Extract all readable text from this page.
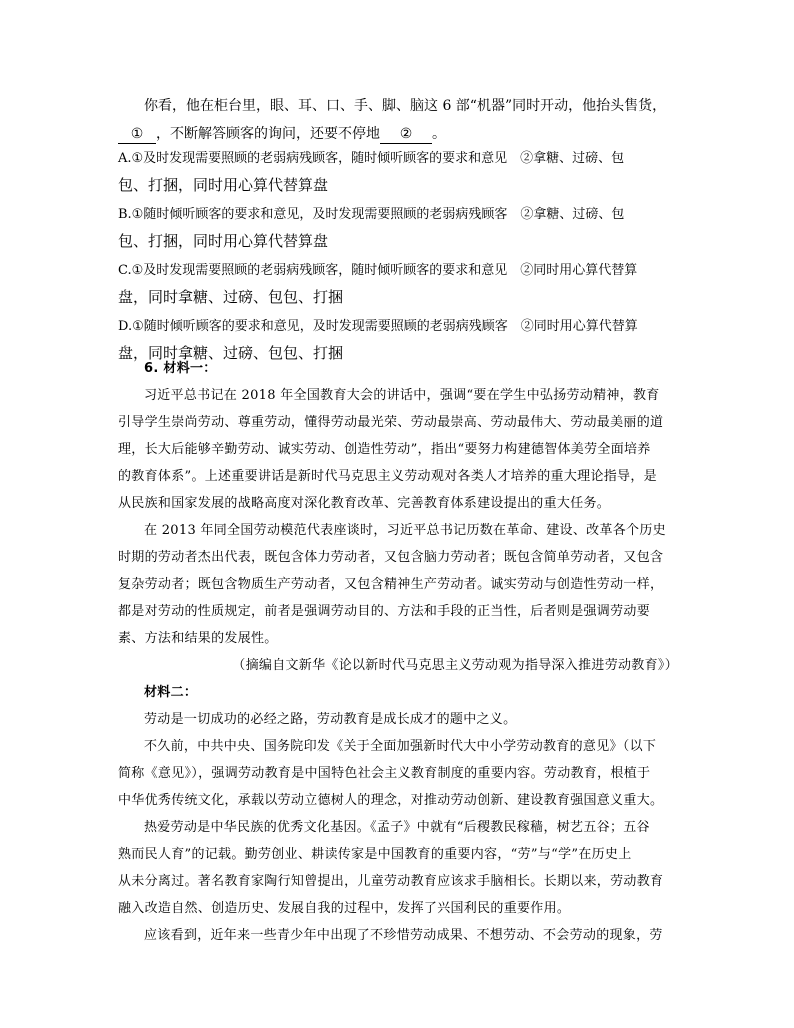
你看，他在柜台里，眼、耳、口、手、脚、脑这 6 部“机器”同时开动，他抬头售货，
① ，不断解答顾客的询问，还要不停地 ② 。
A.①及时发现需要照顾的老弱病残顾客，随时倾听顾客的要求和意见　②拿糖、过磅、包
包、打捆，同时用心算代替算盘
B.①随时倾听顾客的要求和意见，及时发现需要照顾的老弱病残顾客　②拿糖、过磅、包
包、打捆，同时用心算代替算盘
C.①及时发现需要照顾的老弱病残顾客，随时倾听顾客的要求和意见　②同时用心算代替算
盘，同时拿糖、过磅、包包、打捆
D.①随时倾听顾客的要求和意见，及时发现需要照顾的老弱病残顾客　②同时用心算代替算
盘，同时拿糖、过磅、包包、打捆
6. 材料一：
习近平总书记在 2018 年全国教育大会的讲话中，强调“要在学生中弘扬劳动精神，教育
引导学生崇尚劳动、尊重劳动，懂得劳动最光荣、劳动最崇高、劳动最伟大、劳动最美丽的道
理，长大后能够辛勤劳动、诚实劳动、创造性劳动”，指出“要努力构建德智体美劳全面培养
的教育体系”。上述重要讲话是新时代马克思主义劳动观对各类人才培养的重大理论指导，是
从民族和国家发展的战略高度对深化教育改革、完善教育体系建设提出的重大任务。
在 2013 年同全国劳动模范代表座谈时，习近平总书记历数在革命、建设、改革各个历史
时期的劳动者杰出代表，既包含体力劳动者，又包含脑力劳动者；既包含简单劳动者，又包含
复杂劳动者；既包含物质生产劳动者，又包含精神生产劳动者。诚实劳动与创造性劳动一样，
都是对劳动的性质规定，前者是强调劳动目的、方法和手段的正当性，后者则是强调劳动要
素、方法和结果的发展性。
（摘编自文新华《论以新时代马克思主义劳动观为指导深入推进劳动教育》）
材料二：
劳动是一切成功的必经之路，劳动教育是成长成才的题中之义。
不久前，中共中央、国务院印发《关于全面加强新时代大中小学劳动教育的意见》（以下
简称《意见》），强调劳动教育是中国特色社会主义教育制度的重要内容。劳动教育，根植于
中华优秀传统文化，承载以劳动立德树人的理念，对推动劳动创新、建设教育强国意义重大。
热爱劳动是中华民族的优秀文化基因。《孟子》中就有“后稷教民稼穑，树艺五谷；五谷
熟而民人育”的记载。勤劳创业、耕读传家是中国教育的重要内容，“劳”与“学”在历史上
从未分离过。著名教育家陶行知曾提出，儿童劳动教育应该求手脑相长。长期以来，劳动教育
融入改造自然、创造历史、发展自我的过程中，发挥了兴国利民的重要作用。
应该看到，近年来一些青少年中出现了不珍惜劳动成果、不想劳动、不会劳动的现象，劳
